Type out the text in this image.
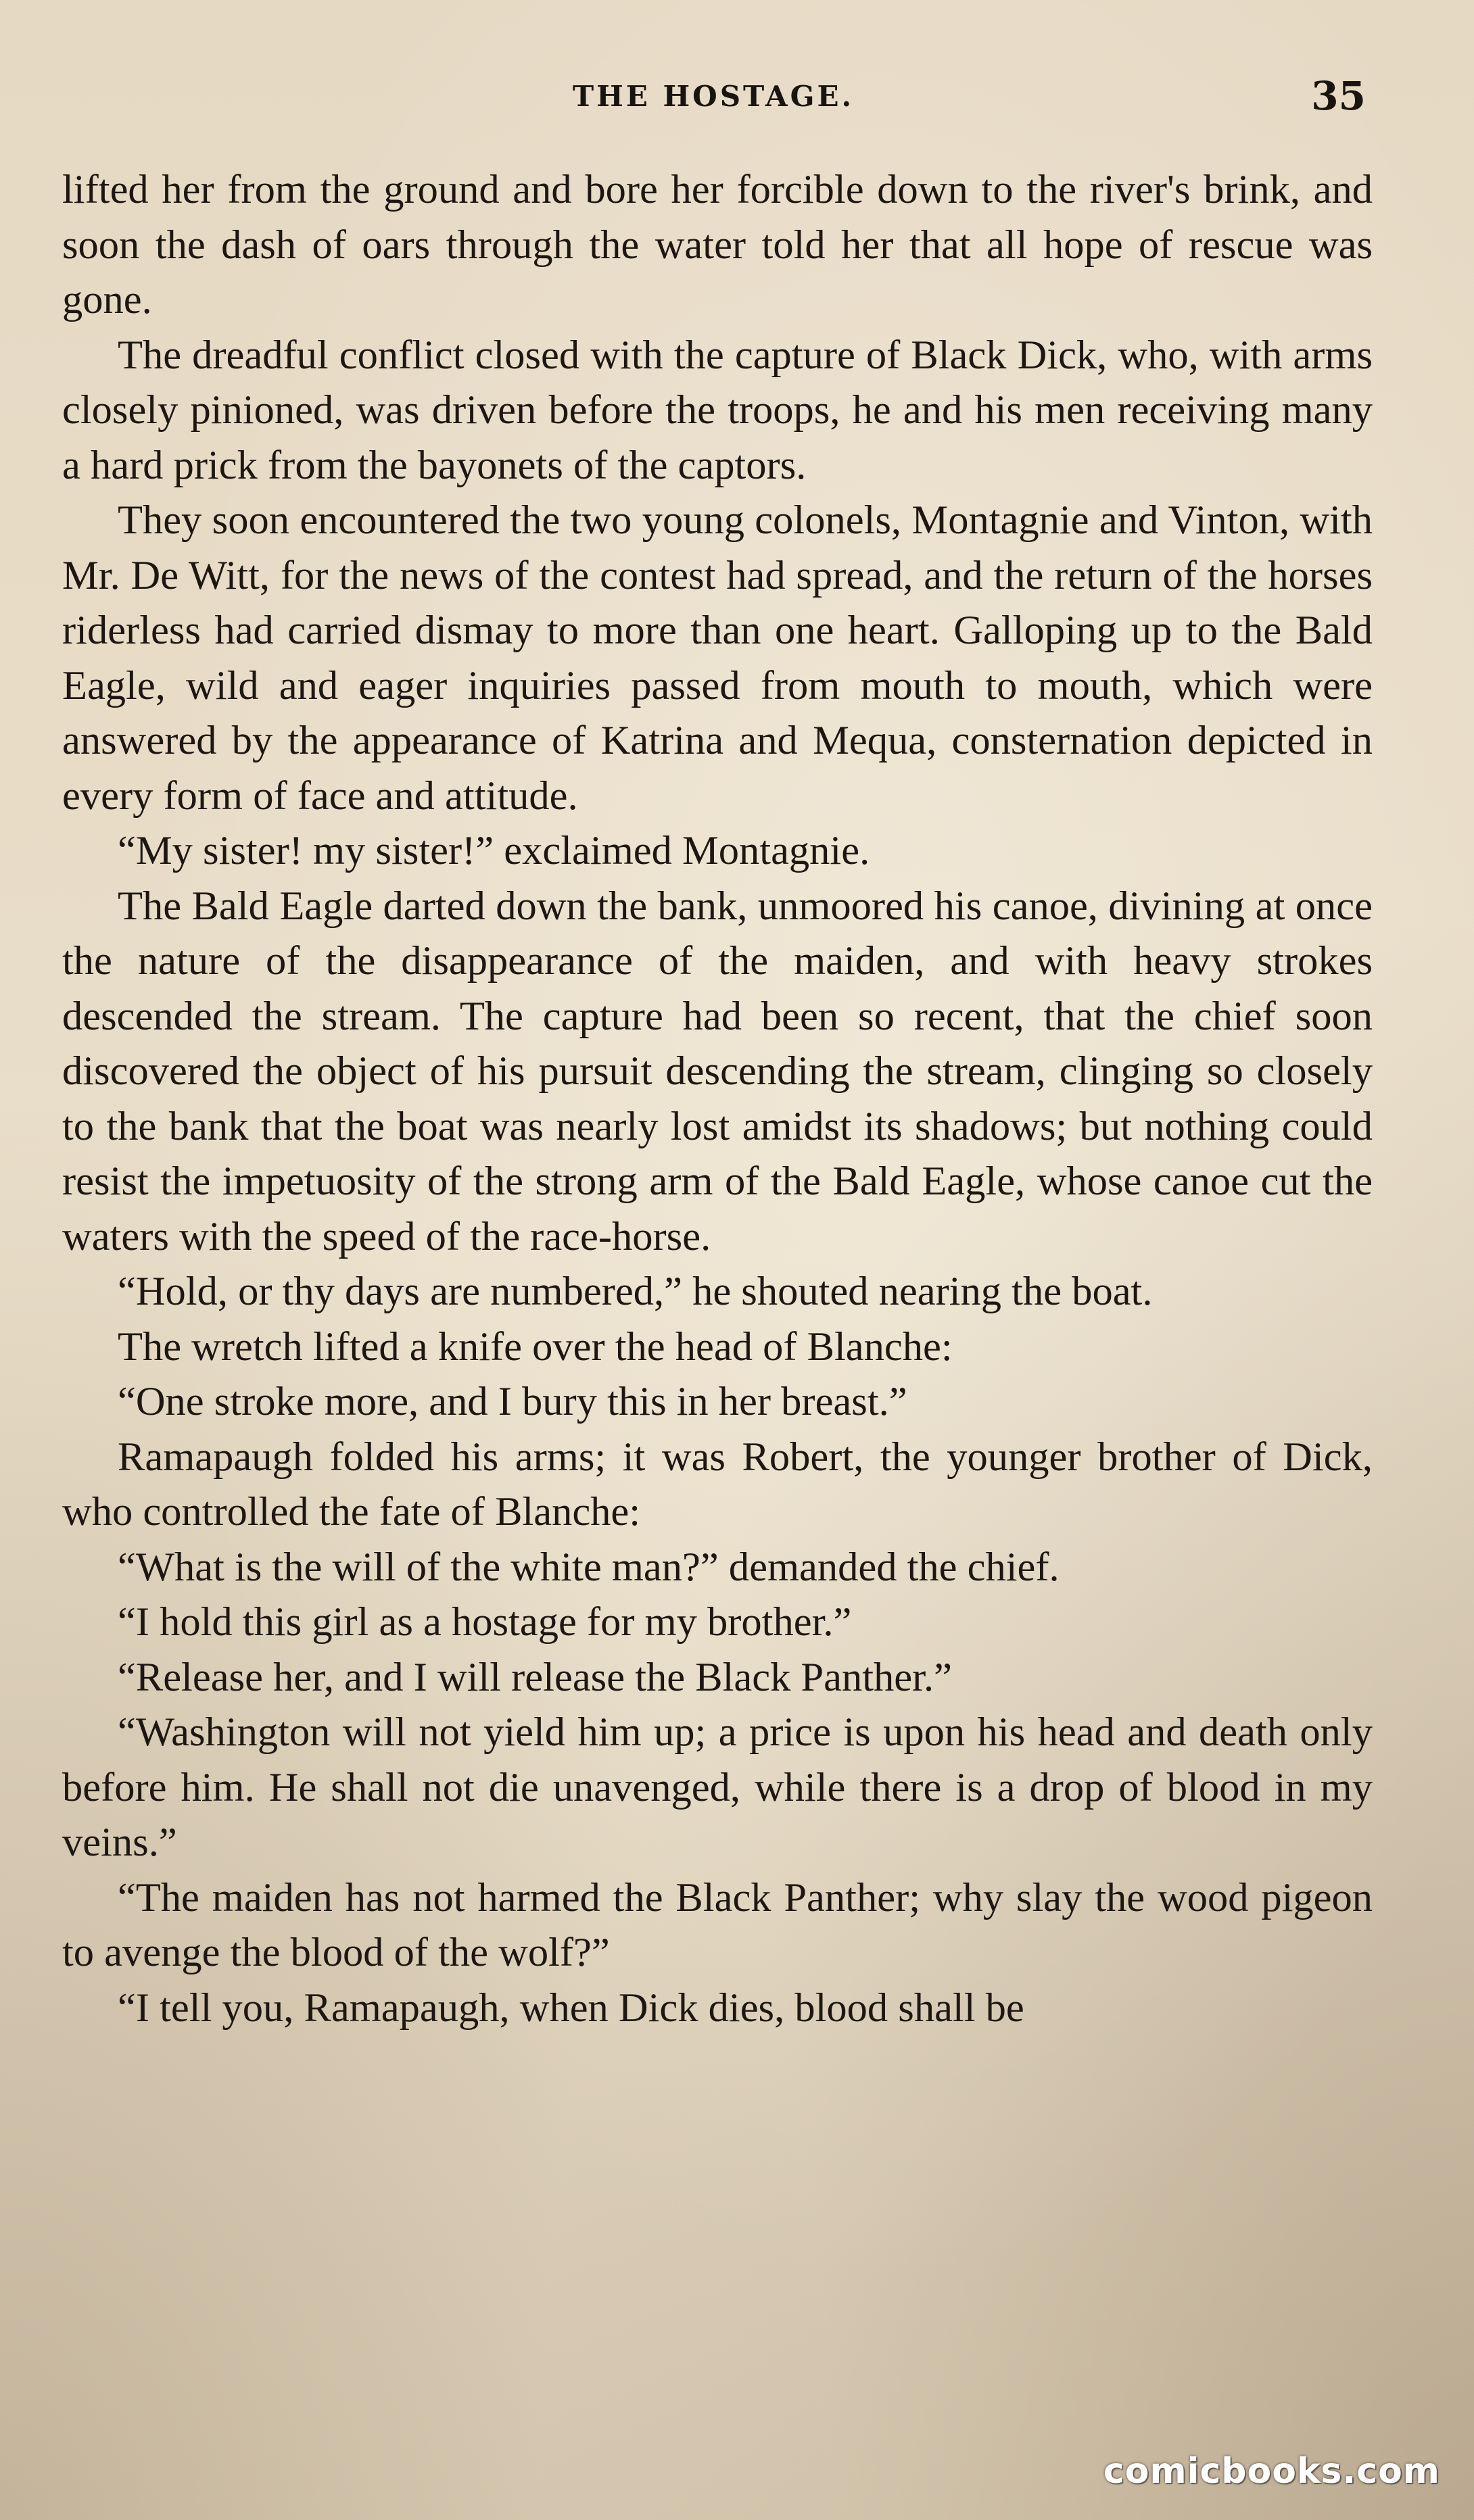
THE HOSTAGE.	35

lifted her from the ground and bore her forcible down to the river's brink, and soon the dash of oars through the water told her that all hope of rescue was gone.

The dreadful conflict closed with the capture of Black Dick, who, with arms closely pinioned, was driven before the troops, he and his men receiving many a hard prick from the bayonets of the captors.

They soon encountered the two young colonels, Montagnie and Vinton, with Mr. De Witt, for the news of the contest had spread, and the return of the horses riderless had carried dismay to more than one heart. Galloping up to the Bald Eagle, wild and eager inquiries passed from mouth to mouth, which were answered by the appearance of Katrina and Mequa, consternation depicted in every form of face and attitude.

“My sister! my sister!” exclaimed Montagnie.

The Bald Eagle darted down the bank, unmoored his canoe, divining at once the nature of the disappearance of the maiden, and with heavy strokes descended the stream. The capture had been so recent, that the chief soon discovered the object of his pursuit descending the stream, clinging so closely to the bank that the boat was nearly lost amidst its shadows; but nothing could resist the impetuosity of the strong arm of the Bald Eagle, whose canoe cut the waters with the speed of the race-horse.

“Hold, or thy days are numbered,” he shouted nearing the boat.

The wretch lifted a knife over the head of Blanche:

“One stroke more, and I bury this in her breast.”

Ramapaugh folded his arms; it was Robert, the younger brother of Dick, who controlled the fate of Blanche:

“What is the will of the white man?” demanded the chief.

“I hold this girl as a hostage for my brother.”

“Release her, and I will release the Black Panther.”

“Washington will not yield him up; a price is upon his head and death only before him. He shall not die unavenged, while there is a drop of blood in my veins.”

“The maiden has not harmed the Black Panther; why slay the wood pigeon to avenge the blood of the wolf?”

“I tell you, Ramapaugh, when Dick dies, blood shall be

comicbooks.com
